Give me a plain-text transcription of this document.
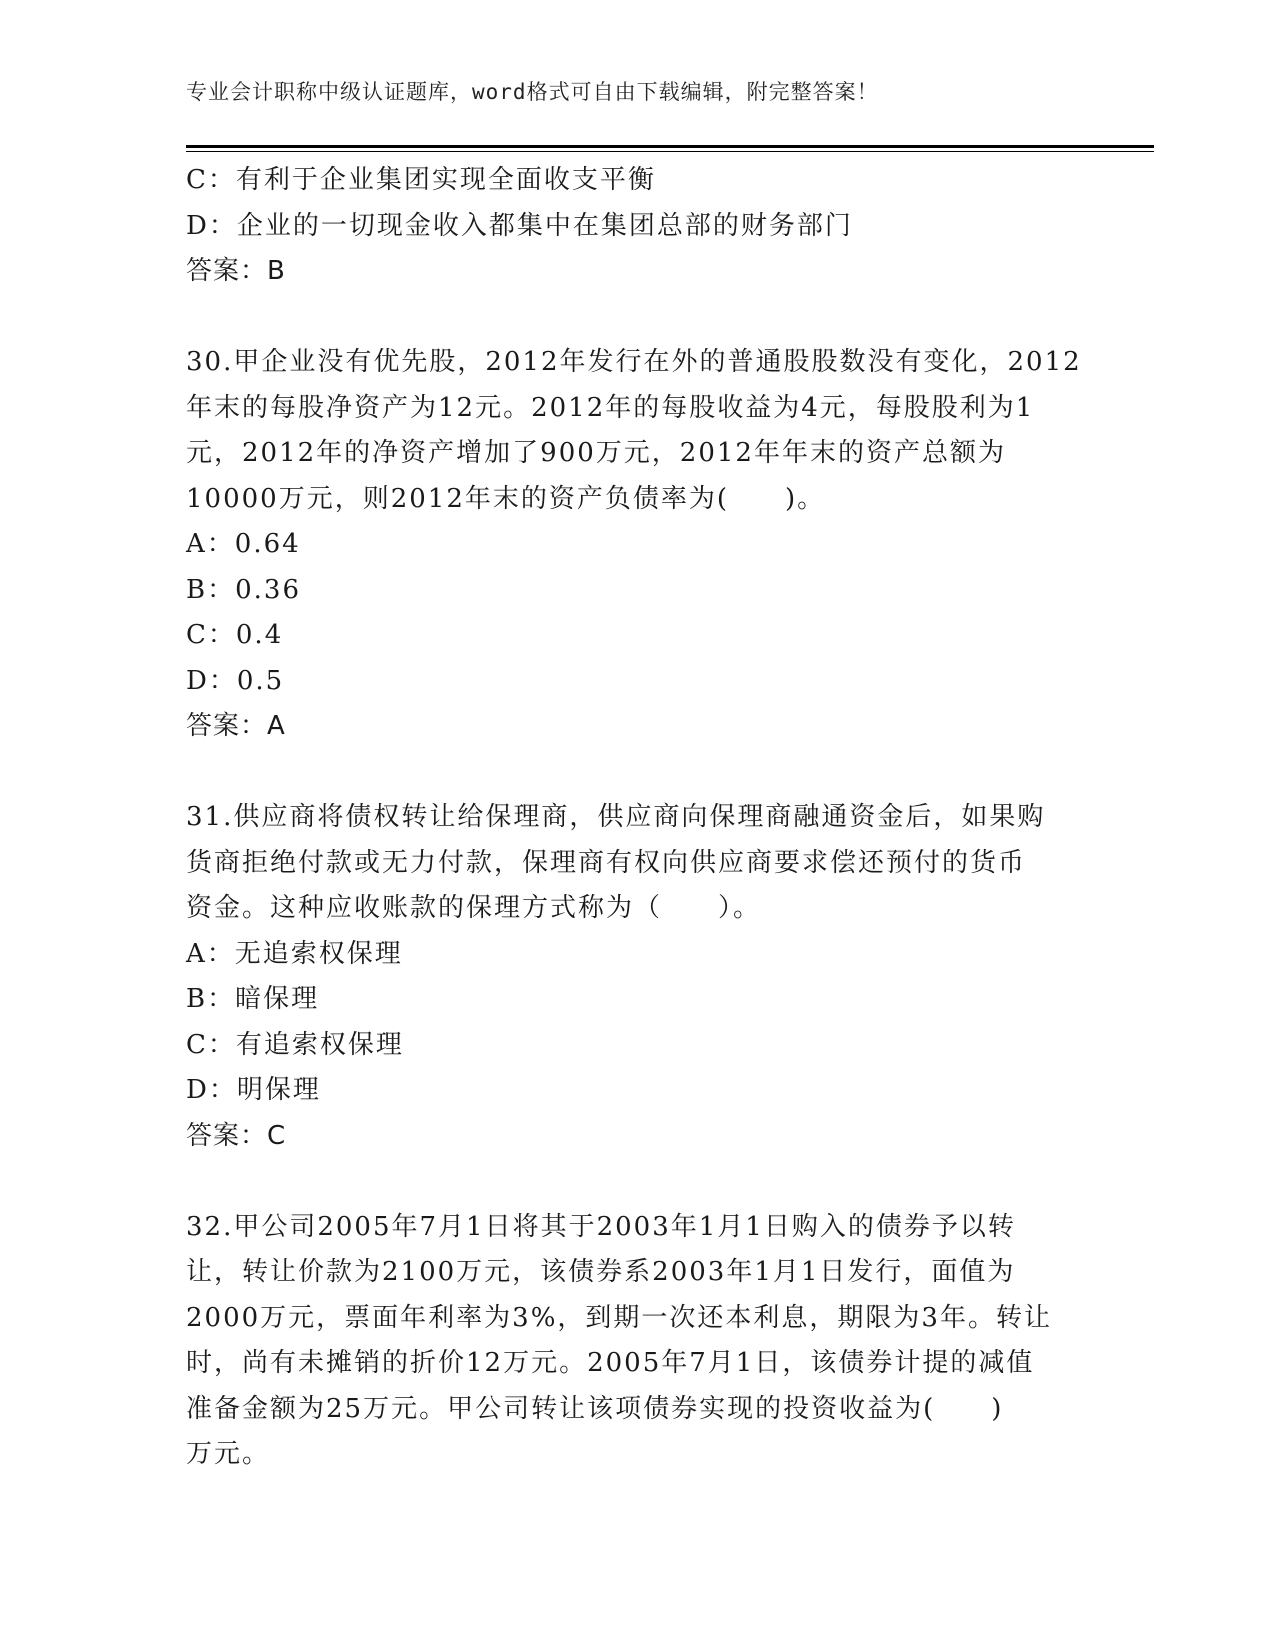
专业会计职称中级认证题库，word格式可自由下载编辑，附完整答案！
C：有利于企业集团实现全面收支平衡
D：企业的一切现金收入都集中在集团总部的财务部门
答案：B
30.甲企业没有优先股，2012年发行在外的普通股股数没有变化，2012
年末的每股净资产为12元。2012年的每股收益为4元，每股股利为1
元，2012年的净资产增加了900万元，2012年年末的资产总额为
10000万元，则2012年末的资产负债率为(　　)。
A：0.64
B：0.36
C：0.4
D：0.5
答案：A
31.供应商将债权转让给保理商，供应商向保理商融通资金后，如果购
货商拒绝付款或无力付款，保理商有权向供应商要求偿还预付的货币
资金。这种应收账款的保理方式称为（　　）。
A：无追索权保理
B：暗保理
C：有追索权保理
D：明保理
答案：C
32.甲公司2005年7月1日将其于2003年1月1日购入的债券予以转
让，转让价款为2100万元，该债券系2003年1月1日发行，面值为
2000万元，票面年利率为3%，到期一次还本利息，期限为3年。转让
时，尚有未摊销的折价12万元。2005年7月1日，该债券计提的减值
准备金额为25万元。甲公司转让该项债券实现的投资收益为(　　)
万元。
